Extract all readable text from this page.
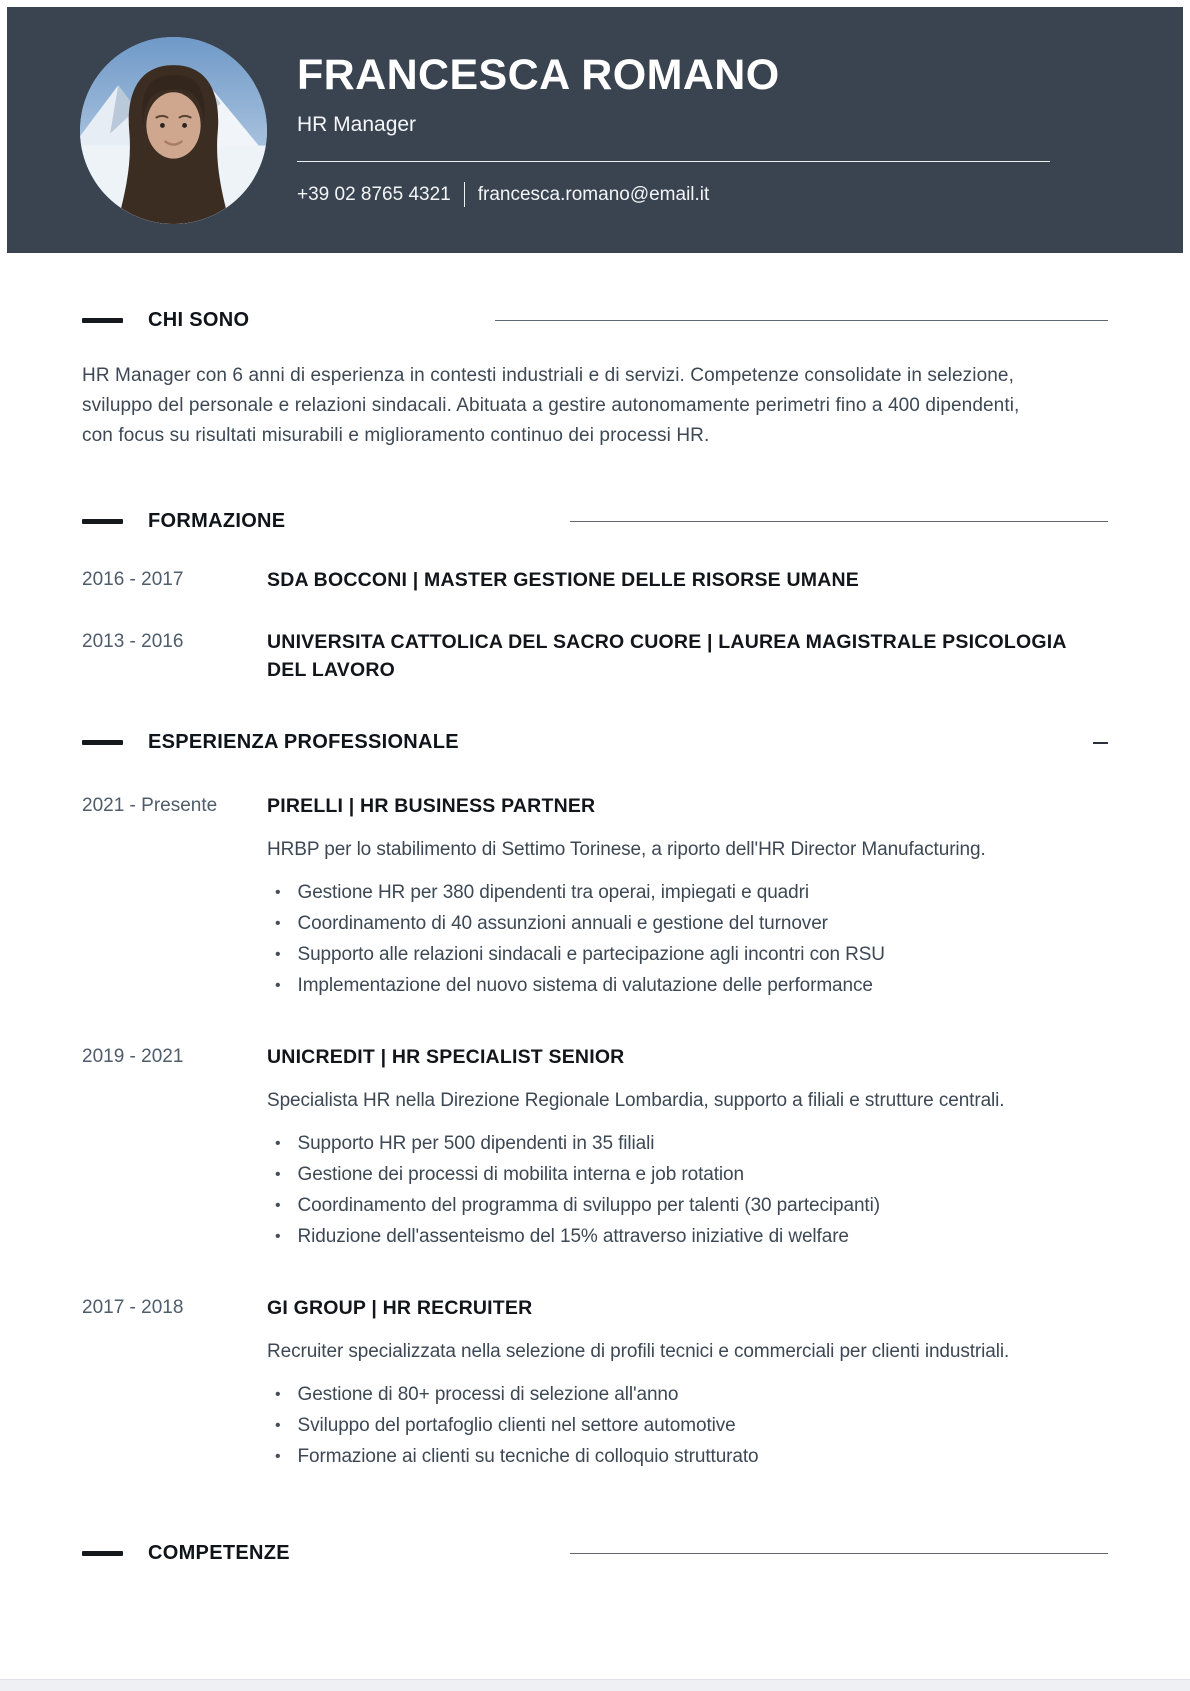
FRANCESCA ROMANO
HR Manager
+39 02 8765 4321 francesca.romano@email.it
CHI SONO

HR Manager con 6 anni di esperienza in contesti industriali e di servizi. Competenze consolidate in selezione, sviluppo del personale e relazioni sindacali. Abituata a gestire autonomamente perimetri fino a 400 dipendenti, con focus su risultati misurabili e miglioramento continuo dei processi HR.

FORMAZIONE
2016 - 2017	SDA BOCCONI | MASTER GESTIONE DELLE RISORSE UMANE
2013 - 2016	UNIVERSITA CATTOLICA DEL SACRO CUORE | LAUREA MAGISTRALE PSICOLOGIA DEL LAVORO
ESPERIENZA PROFESSIONALE
2021 - Presente	PIRELLI | HR BUSINESS PARTNER

HRBP per lo stabilimento di Settimo Torinese, a riporto dell'HR Director Manufacturing.

• Gestione HR per 380 dipendenti tra operai, impiegati e quadri
• Coordinamento di 40 assunzioni annuali e gestione del turnover
• Supporto alle relazioni sindacali e partecipazione agli incontri con RSU
• Implementazione del nuovo sistema di valutazione delle performance
2019 - 2021	UNICREDIT | HR SPECIALIST SENIOR

Specialista HR nella Direzione Regionale Lombardia, supporto a filiali e strutture centrali.

• Supporto HR per 500 dipendenti in 35 filiali
• Gestione dei processi di mobilita interna e job rotation
• Coordinamento del programma di sviluppo per talenti (30 partecipanti)
• Riduzione dell'assenteismo del 15% attraverso iniziative di welfare
2017 - 2018	GI GROUP | HR RECRUITER

Recruiter specializzata nella selezione di profili tecnici e commerciali per clienti industriali.

• Gestione di 80+ processi di selezione all'anno
• Sviluppo del portafoglio clienti nel settore automotive
• Formazione ai clienti su tecniche di colloquio strutturato
COMPETENZE
